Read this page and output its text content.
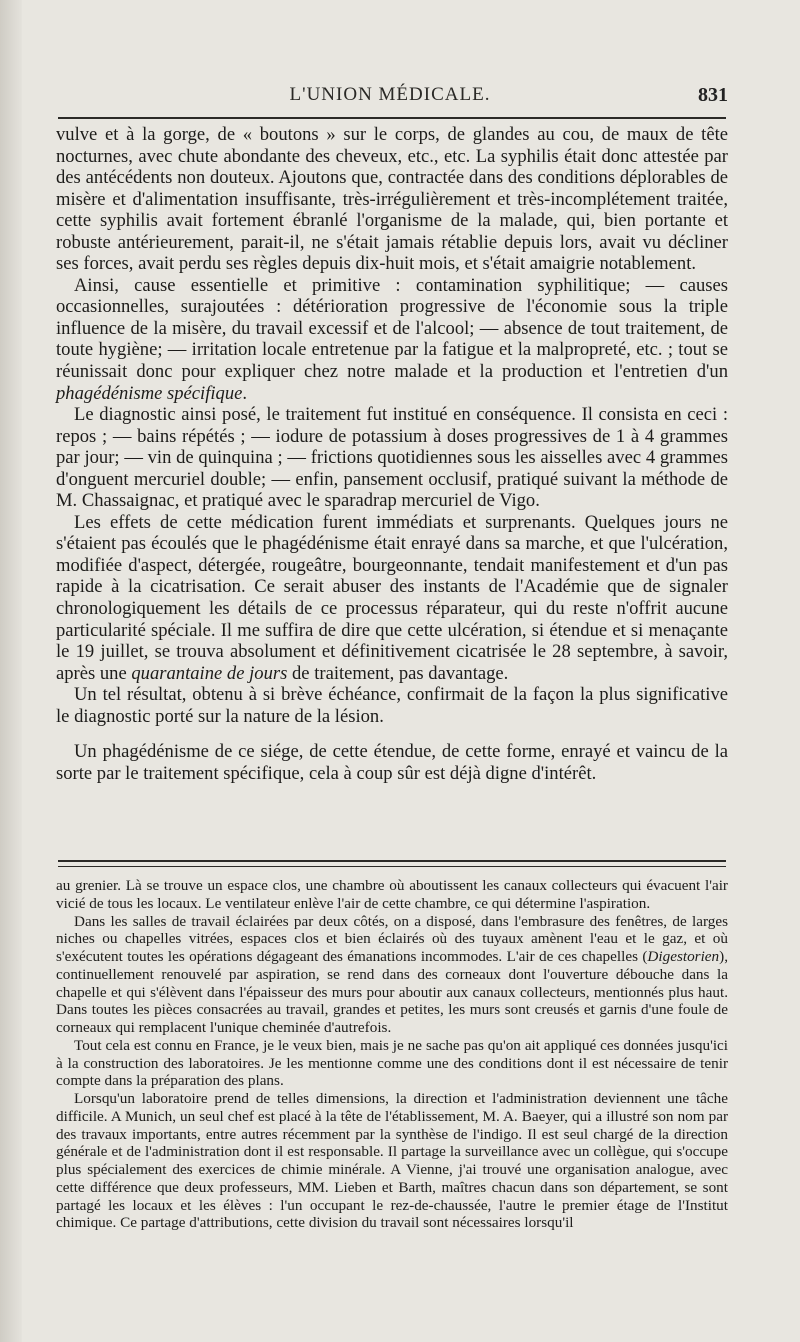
L'UNION MÉDICALE.	831

vulve et à la gorge, de « boutons » sur le corps, de glandes au cou, de maux de tête nocturnes, avec chute abondante des cheveux, etc., etc. La syphilis était donc attestée par des antécédents non douteux. Ajoutons que, contractée dans des conditions déplorables de misère et d'alimentation insuffisante, très-irrégulièrement et très-incomplétement traitée, cette syphilis avait fortement ébranlé l'organisme de la malade, qui, bien portante et robuste antérieurement, parait-il, ne s'était jamais rétablie depuis lors, avait vu décliner ses forces, avait perdu ses règles depuis dix-huit mois, et s'était amaigrie notablement.

Ainsi, cause essentielle et primitive : contamination syphilitique; — causes occasionnelles, surajoutées : détérioration progressive de l'économie sous la triple influence de la misère, du travail excessif et de l'alcool; — absence de tout traitement, de toute hygiène; — irritation locale entretenue par la fatigue et la malpropreté, etc. ; tout se réunissait donc pour expliquer chez notre malade et la production et l'entretien d'un phagédénisme spécifique.

Le diagnostic ainsi posé, le traitement fut institué en conséquence. Il consista en ceci : repos ; — bains répétés ; — iodure de potassium à doses progressives de 1 à 4 grammes par jour; — vin de quinquina ; — frictions quotidiennes sous les aisselles avec 4 grammes d'onguent mercuriel double; — enfin, pansement occlusif, pratiqué suivant la méthode de M. Chassaignac, et pratiqué avec le sparadrap mercuriel de Vigo.

Les effets de cette médication furent immédiats et surprenants. Quelques jours ne s'étaient pas écoulés que le phagédénisme était enrayé dans sa marche, et que l'ulcération, modifiée d'aspect, détergée, rougeâtre, bourgeonnante, tendait manifestement et d'un pas rapide à la cicatrisation. Ce serait abuser des instants de l'Académie que de signaler chronologiquement les détails de ce processus réparateur, qui du reste n'offrit aucune particularité spéciale. Il me suffira de dire que cette ulcération, si étendue et si menaçante le 19 juillet, se trouva absolument et définitivement cicatrisée le 28 septembre, à savoir, après une quarantaine de jours de traitement, pas davantage.

Un tel résultat, obtenu à si brève échéance, confirmait de la façon la plus significative le diagnostic porté sur la nature de la lésion.

Un phagédénisme de ce siége, de cette étendue, de cette forme, enrayé et vaincu de la sorte par le traitement spécifique, cela à coup sûr est déjà digne d'intérêt.

au grenier. Là se trouve un espace clos, une chambre où aboutissent les canaux collecteurs qui évacuent l'air vicié de tous les locaux. Le ventilateur enlève l'air de cette chambre, ce qui détermine l'aspiration.

Dans les salles de travail éclairées par deux côtés, on a disposé, dans l'embrasure des fenêtres, de larges niches ou chapelles vitrées, espaces clos et bien éclairés où des tuyaux amènent l'eau et le gaz, et où s'exécutent toutes les opérations dégageant des émanations incommodes. L'air de ces chapelles (Digestorien), continuellement renouvelé par aspiration, se rend dans des corneaux dont l'ouverture débouche dans la chapelle et qui s'élèvent dans l'épaisseur des murs pour aboutir aux canaux collecteurs, mentionnés plus haut. Dans toutes les pièces consacrées au travail, grandes et petites, les murs sont creusés et garnis d'une foule de corneaux qui remplacent l'unique cheminée d'autrefois.

Tout cela est connu en France, je le veux bien, mais je ne sache pas qu'on ait appliqué ces données jusqu'ici à la construction des laboratoires. Je les mentionne comme une des conditions dont il est nécessaire de tenir compte dans la préparation des plans.

Lorsqu'un laboratoire prend de telles dimensions, la direction et l'administration deviennent une tâche difficile. A Munich, un seul chef est placé à la tête de l'établissement, M. A. Baeyer, qui a illustré son nom par des travaux importants, entre autres récemment par la synthèse de l'indigo. Il est seul chargé de la direction générale et de l'administration dont il est responsable. Il partage la surveillance avec un collègue, qui s'occupe plus spécialement des exercices de chimie minérale. A Vienne, j'ai trouvé une organisation analogue, avec cette différence que deux professeurs, MM. Lieben et Barth, maîtres chacun dans son département, se sont partagé les locaux et les élèves : l'un occupant le rez-de-chaussée, l'autre le premier étage de l'Institut chimique. Ce partage d'attributions, cette division du travail sont nécessaires lorsqu'il
